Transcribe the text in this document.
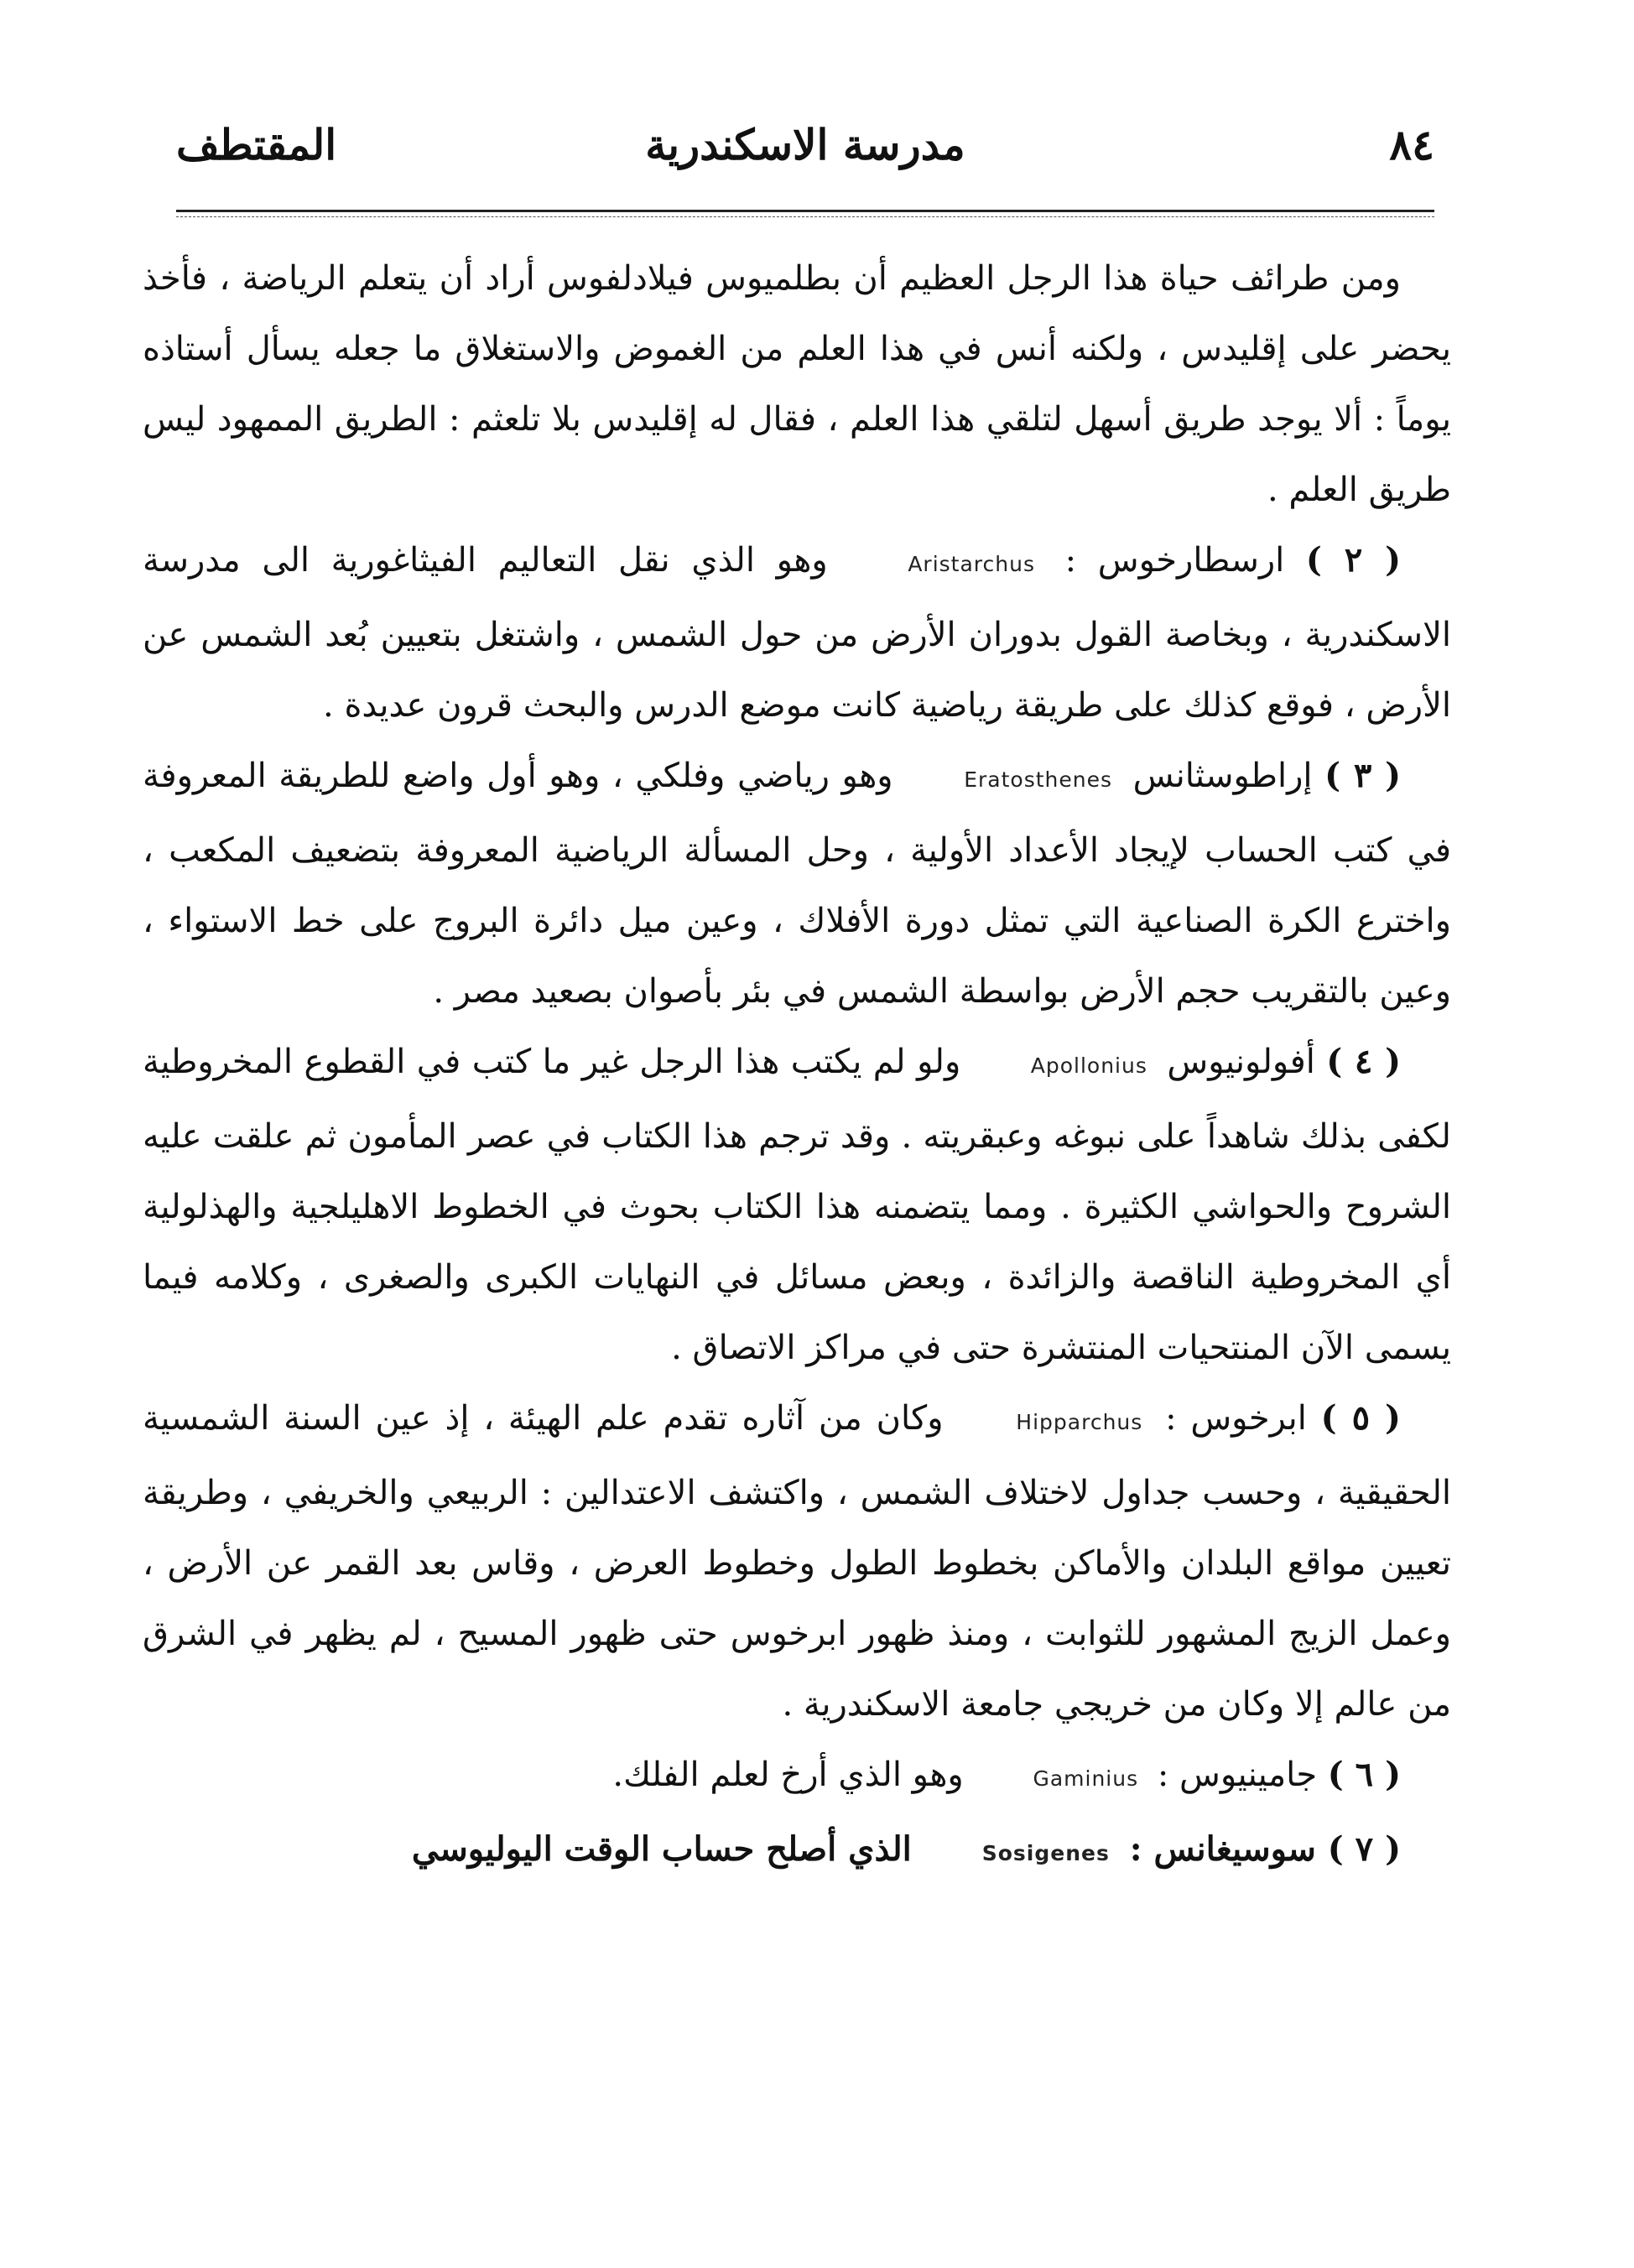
٨٤
مدرسة الاسكندرية
المقتطف

ومن طرائف حياة هذا الرجل العظيم أن بطلميوس فيلادلفوس أراد أن يتعلم الرياضة ، فأخذ يحضر على إقليدس ، ولكنه أنس في هذا العلم من الغموض والاستغلاق ما جعله يسأل أستاذه يوماً : ألا يوجد طريق أسهل لتلقي هذا العلم ، فقال له إقليدس بلا تلعثم : الطريق الممهود ليس طريق العلم .

( ٢ ) ارسطارخوس : Aristarchus وهو الذي نقل التعاليم الفيثاغورية الى مدرسة الاسكندرية ، وبخاصة القول بدوران الأرض من حول الشمس ، واشتغل بتعيين بُعد الشمس عن الأرض ، فوقع كذلك على طريقة رياضية كانت موضع الدرس والبحث قرون عديدة .

( ٣ ) إراطوسثانس Eratosthenes وهو رياضي وفلكي ، وهو أول واضع للطريقة المعروفة في كتب الحساب لإيجاد الأعداد الأولية ، وحل المسألة الرياضية المعروفة بتضعيف المكعب ، واخترع الكرة الصناعية التي تمثل دورة الأفلاك ، وعين ميل دائرة البروج على خط الاستواء ، وعين بالتقريب حجم الأرض بواسطة الشمس في بئر بأصوان بصعيد مصر .

( ٤ ) أفولونيوس Apollonius ولو لم يكتب هذا الرجل غير ما كتب في القطوع المخروطية لكفى بذلك شاهداً على نبوغه وعبقريته . وقد ترجم هذا الكتاب في عصر المأمون ثم علقت عليه الشروح والحواشي الكثيرة . ومما يتضمنه هذا الكتاب بحوث في الخطوط الاهليلجية والهذلولية أي المخروطية الناقصة والزائدة ، وبعض مسائل في النهايات الكبرى والصغرى ، وكلامه فيما يسمى الآن المنتحيات المنتشرة حتى في مراكز الاتصاق .

( ٥ ) ابرخوس : Hipparchus وكان من آثاره تقدم علم الهيئة ، إذ عين السنة الشمسية الحقيقية ، وحسب جداول لاختلاف الشمس ، واكتشف الاعتدالين : الربيعي والخريفي ، وطريقة تعيين مواقع البلدان والأماكن بخطوط الطول وخطوط العرض ، وقاس بعد القمر عن الأرض ، وعمل الزيج المشهور للثوابت ، ومنذ ظهور ابرخوس حتى ظهور المسيح ، لم يظهر في الشرق من عالم إلا وكان من خريجي جامعة الاسكندرية .

( ٦ ) جامينيوس : Gaminius وهو الذي أرخ لعلم الفلك.

( ٧ ) سوسيغانس : Sosigenes الذي أصلح حساب الوقت اليوليوسي
